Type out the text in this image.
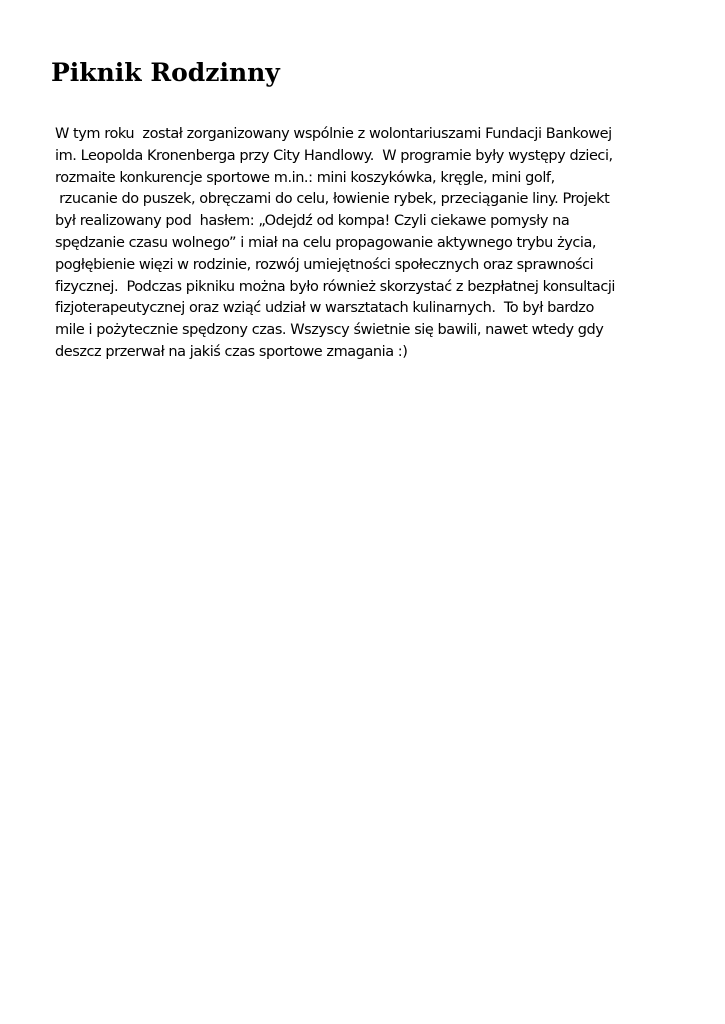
Piknik Rodzinny
W tym roku  został zorganizowany wspólnie z wolontariuszami Fundacji Bankowej
im. Leopolda Kronenberga przy City Handlowy.  W programie były występy dzieci,
rozmaite konkurencje sportowe m.in.: mini koszykówka, kręgle, mini golf,
rzucanie do puszek, obręczami do celu, łowienie rybek, przeciąganie liny. Projekt
był realizowany pod  hasłem: „Odejdź od kompa! Czyli ciekawe pomysły na
spędzanie czasu wolnego” i miał na celu propagowanie aktywnego trybu życia,
pogłębienie więzi w rodzinie, rozwój umiejętności społecznych oraz sprawności
fizycznej.  Podczas pikniku można było również skorzystać z bezpłatnej konsultacji
fizjoterapeutycznej oraz wziąć udział w warsztatach kulinarnych.  To był bardzo
mile i pożytecznie spędzony czas. Wszyscy świetnie się bawili, nawet wtedy gdy
deszcz przerwał na jakiś czas sportowe zmagania :)
